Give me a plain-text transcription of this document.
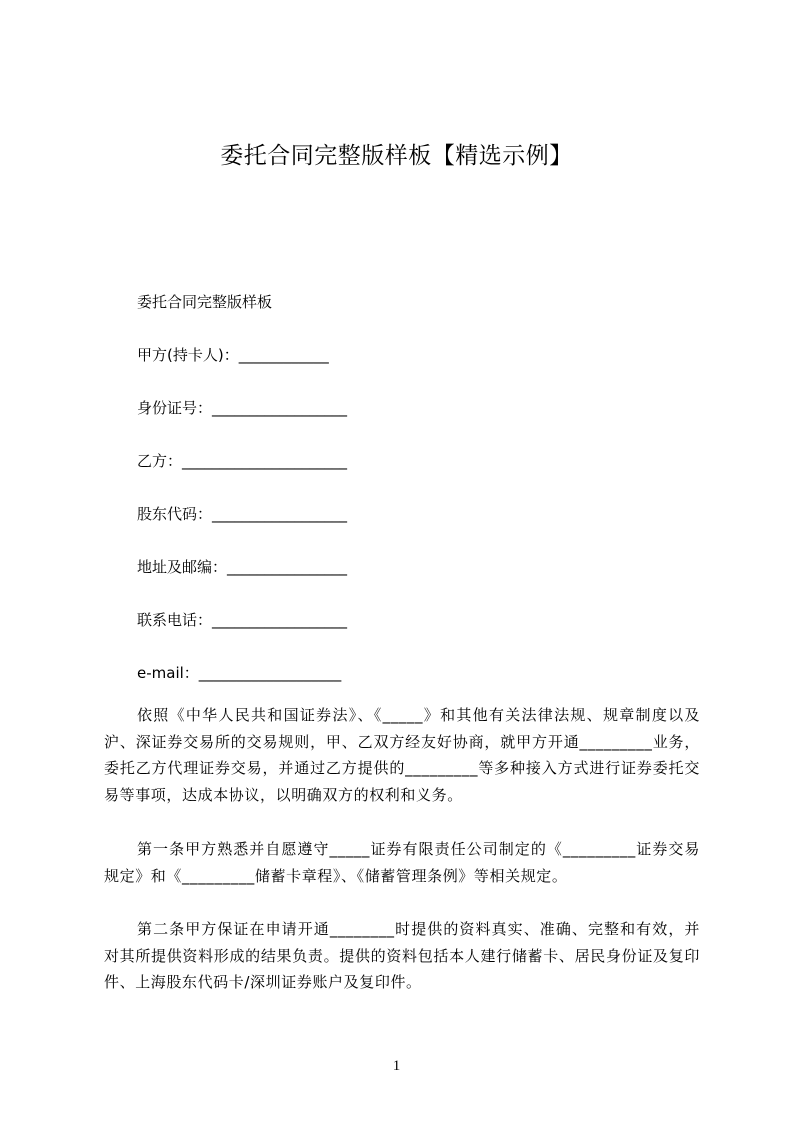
委托合同完整版样板【精选示例】
委托合同完整版样板
甲方(持卡人)：____________
身份证号：__________________
乙方：______________________
股东代码：__________________
地址及邮编：________________
联系电话：__________________
e-mail：___________________

依照《中华人民共和国证券法》、《_____》和其他有关法律法规、规章制度以及沪、深证券交易所的交易规则，甲、乙双方经友好协商，就甲方开通_________业务，委托乙方代理证券交易，并通过乙方提供的_________等多种接入方式进行证券委托交易等事项，达成本协议，以明确双方的权利和义务。

第一条甲方熟悉并自愿遵守_____证券有限责任公司制定的《_________证券交易规定》和《_________储蓄卡章程》、《储蓄管理条例》等相关规定。

第二条甲方保证在申请开通________时提供的资料真实、准确、完整和有效，并对其所提供资料形成的结果负责。提供的资料包括本人建行储蓄卡、居民身份证及复印件、上海股东代码卡/深圳证券账户及复印件。

1
